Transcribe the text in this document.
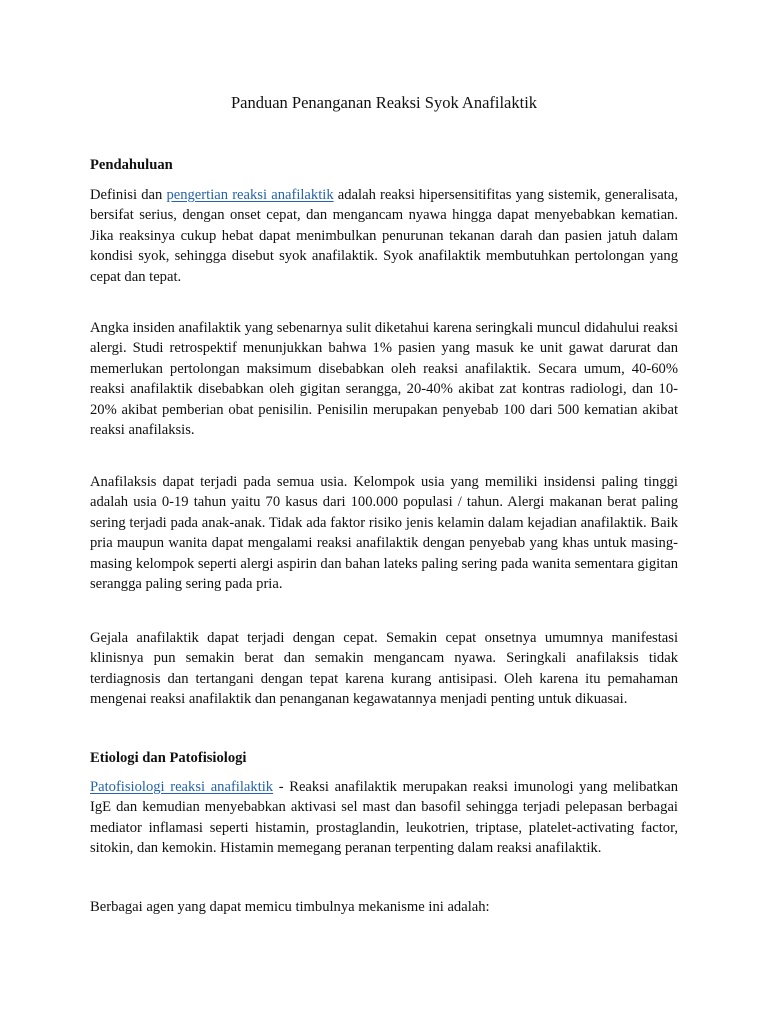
Panduan Penanganan Reaksi Syok Anafilaktik
Pendahuluan

Definisi dan pengertian reaksi anafilaktik adalah reaksi hipersensitifitas yang sistemik, generalisata, bersifat serius, dengan onset cepat, dan mengancam nyawa hingga dapat menyebabkan kematian. Jika reaksinya cukup hebat dapat menimbulkan penurunan tekanan darah dan pasien jatuh dalam kondisi syok, sehingga disebut syok anafilaktik. Syok anafilaktik membutuhkan pertolongan yang cepat dan tepat.

Angka insiden anafilaktik yang sebenarnya sulit diketahui karena seringkali muncul didahului reaksi alergi. Studi retrospektif menunjukkan bahwa 1% pasien yang masuk ke unit gawat darurat dan memerlukan pertolongan maksimum disebabkan oleh reaksi anafilaktik. Secara umum, 40-60% reaksi anafilaktik disebabkan oleh gigitan serangga, 20-40% akibat zat kontras radiologi, dan 10-20% akibat pemberian obat penisilin. Penisilin merupakan penyebab 100 dari 500 kematian akibat reaksi anafilaksis.

Anafilaksis dapat terjadi pada semua usia. Kelompok usia yang memiliki insidensi paling tinggi adalah usia 0-19 tahun yaitu 70 kasus dari 100.000 populasi / tahun. Alergi makanan berat paling sering terjadi pada anak-anak. Tidak ada faktor risiko jenis kelamin dalam kejadian anafilaktik. Baik pria maupun wanita dapat mengalami reaksi anafilaktik dengan penyebab yang khas untuk masing-masing kelompok seperti alergi aspirin dan bahan lateks paling sering pada wanita sementara gigitan serangga paling sering pada pria.

Gejala anafilaktik dapat terjadi dengan cepat. Semakin cepat onsetnya umumnya manifestasi klinisnya pun semakin berat dan semakin mengancam nyawa. Seringkali anafilaksis tidak terdiagnosis dan tertangani dengan tepat karena kurang antisipasi. Oleh karena itu pemahaman mengenai reaksi anafilaktik dan penanganan kegawatannya menjadi penting untuk dikuasai.

Etiologi dan Patofisiologi

Patofisiologi reaksi anafilaktik - Reaksi anafilaktik merupakan reaksi imunologi yang melibatkan IgE dan kemudian menyebabkan aktivasi sel mast dan basofil sehingga terjadi pelepasan berbagai mediator inflamasi seperti histamin, prostaglandin, leukotrien, triptase, platelet-activating factor, sitokin, dan kemokin. Histamin memegang peranan terpenting dalam reaksi anafilaktik.

Berbagai agen yang dapat memicu timbulnya mekanisme ini adalah:
